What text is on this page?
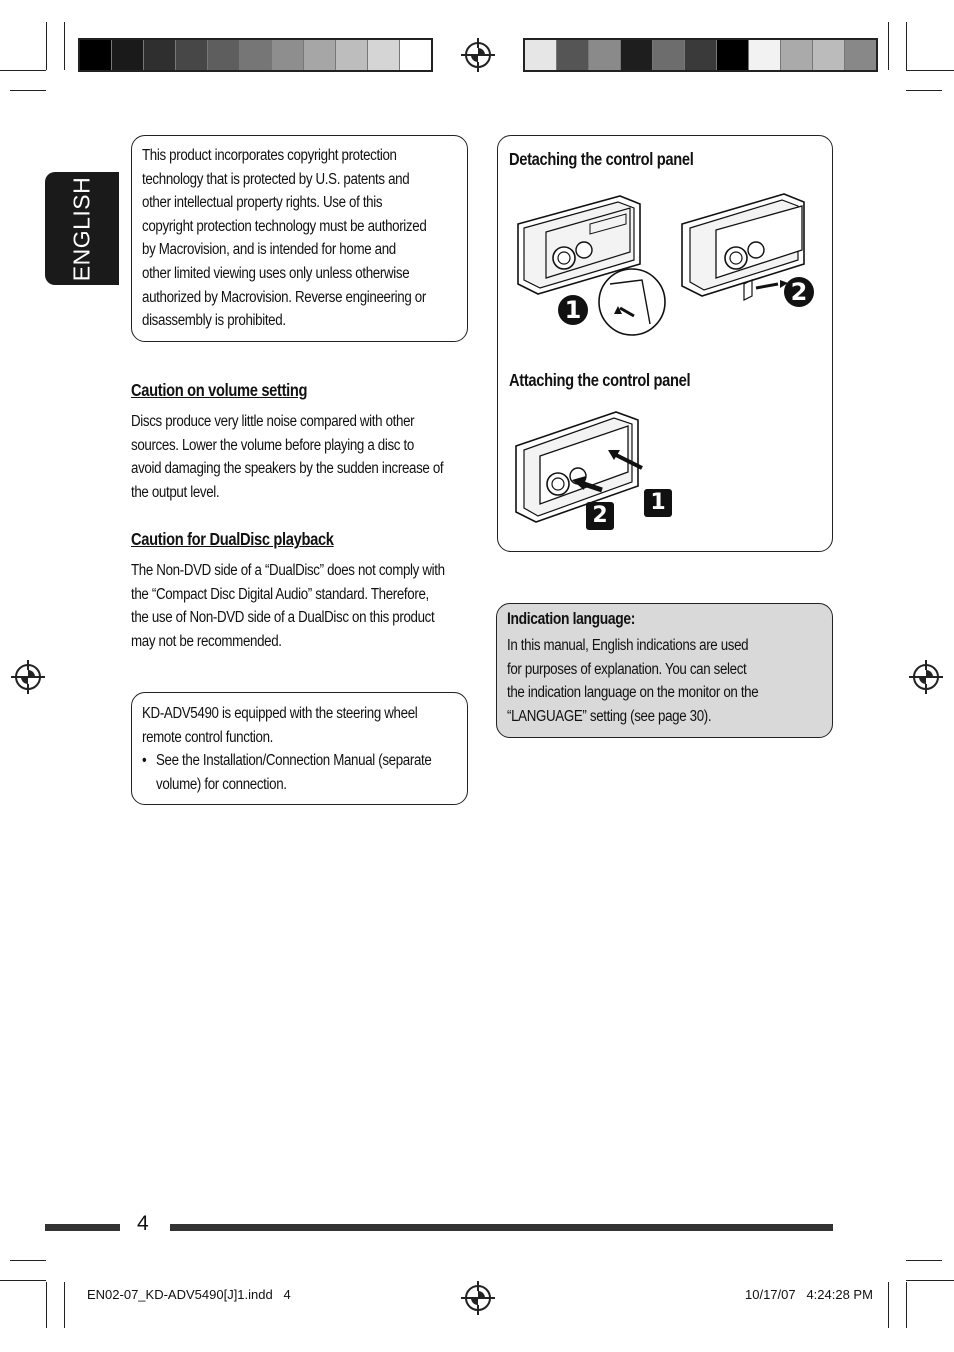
ENGLISH
This product incorporates copyright protection
technology that is protected by U.S. patents and
other intellectual property rights. Use of this
copyright protection technology must be authorized
by Macrovision, and is intended for home and
other limited viewing uses only unless otherwise
authorized by Macrovision. Reverse engineering or
disassembly is prohibited.
Caution on volume setting
Discs produce very little noise compared with other
sources. Lower the volume before playing a disc to
avoid damaging the speakers by the sudden increase of
the output level.
Caution for DualDisc playback
The Non-DVD side of a “DualDisc” does not comply with
the “Compact Disc Digital Audio” standard. Therefore,
the use of Non-DVD side of a DualDisc on this product
may not be recommended.
KD-ADV5490 is equipped with the steering wheel
remote control function.
• See the Installation/Connection Manual (separate
volume) for connection.
Detaching the control panel
1
2
Attaching the control panel
1
2
Indication language:
In this manual, English indications are used
for purposes of explanation. You can select
the indication language on the monitor on the
“LANGUAGE” setting (see page 30).
4
EN02-07_KD-ADV5490[J]1.indd   4	10/17/07   4:24:28 PM
